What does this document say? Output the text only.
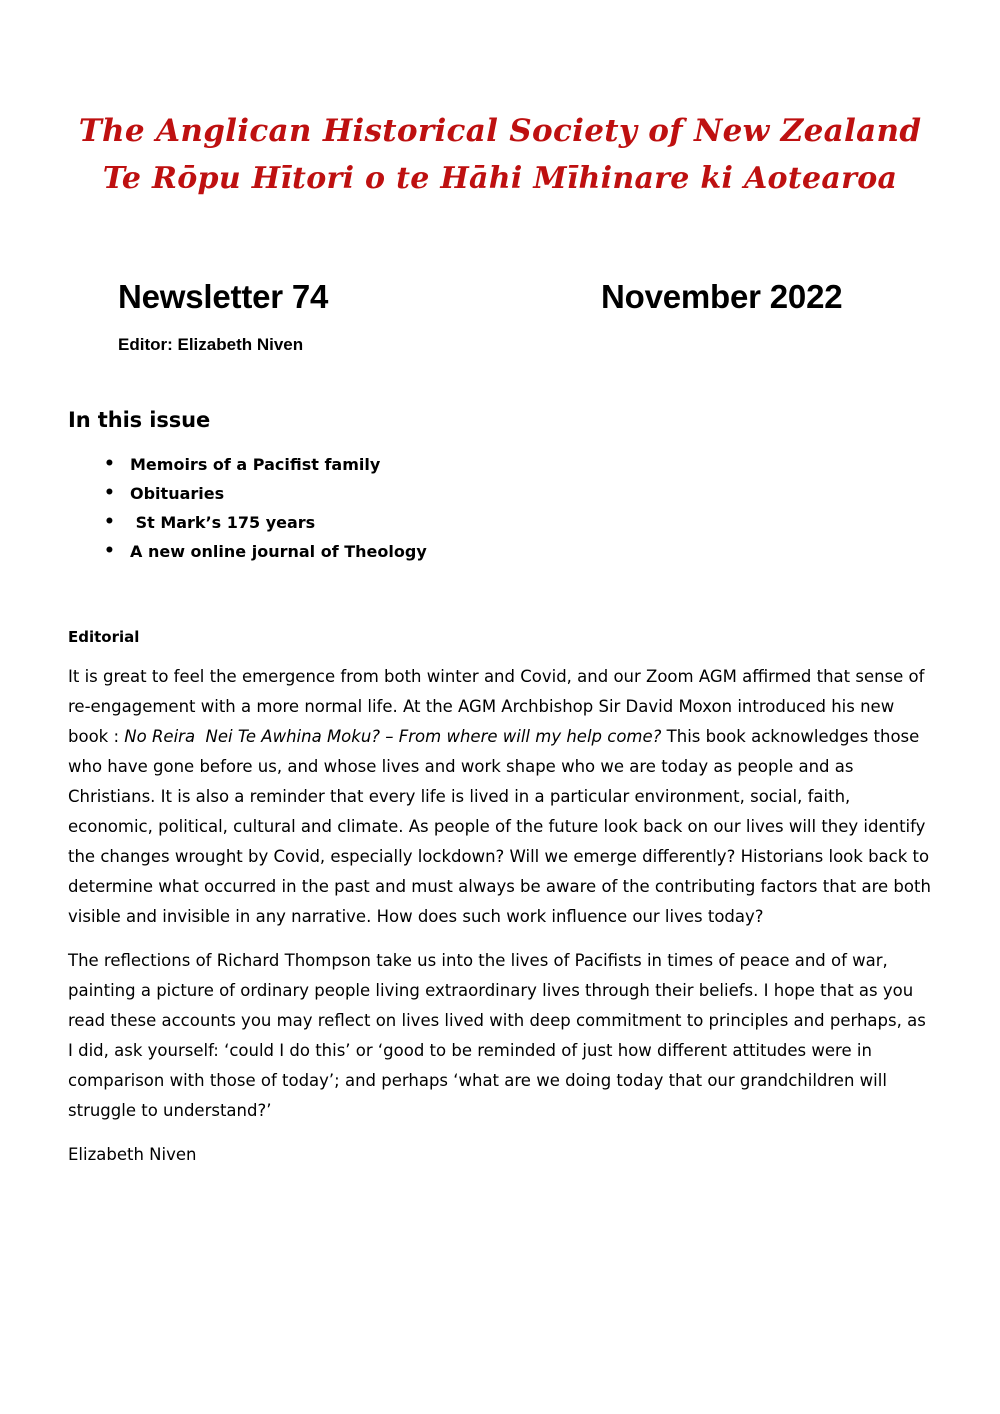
The Anglican Historical Society of New Zealand
Te Rōpu Hītori o te Hāhi Mīhinare ki Aotearoa
Newsletter 74	November 2022
Editor: Elizabeth Niven
In this issue
• Memoirs of a Pacifist family
• Obituaries
•  St Mark’s 175 years
• A new online journal of Theology
Editorial

It is great to feel the emergence from both winter and Covid, and our Zoom AGM affirmed that sense of re-engagement with a more normal life. At the AGM Archbishop Sir David Moxon introduced his new book : No Reira  Nei Te Awhina Moku? – From where will my help come? This book acknowledges those who have gone before us, and whose lives and work shape who we are today as people and as Christians. It is also a reminder that every life is lived in a particular environment, social, faith, economic, political, cultural and climate. As people of the future look back on our lives will they identify the changes wrought by Covid, especially lockdown? Will we emerge differently? Historians look back to determine what occurred in the past and must always be aware of the contributing factors that are both visible and invisible in any narrative. How does such work influence our lives today?

The reflections of Richard Thompson take us into the lives of Pacifists in times of peace and of war, painting a picture of ordinary people living extraordinary lives through their beliefs. I hope that as you read these accounts you may reflect on lives lived with deep commitment to principles and perhaps, as I did, ask yourself: ‘could I do this’ or ‘good to be reminded of just how different attitudes were in comparison with those of today’; and perhaps ‘what are we doing today that our grandchildren will struggle to understand?’

Elizabeth Niven
